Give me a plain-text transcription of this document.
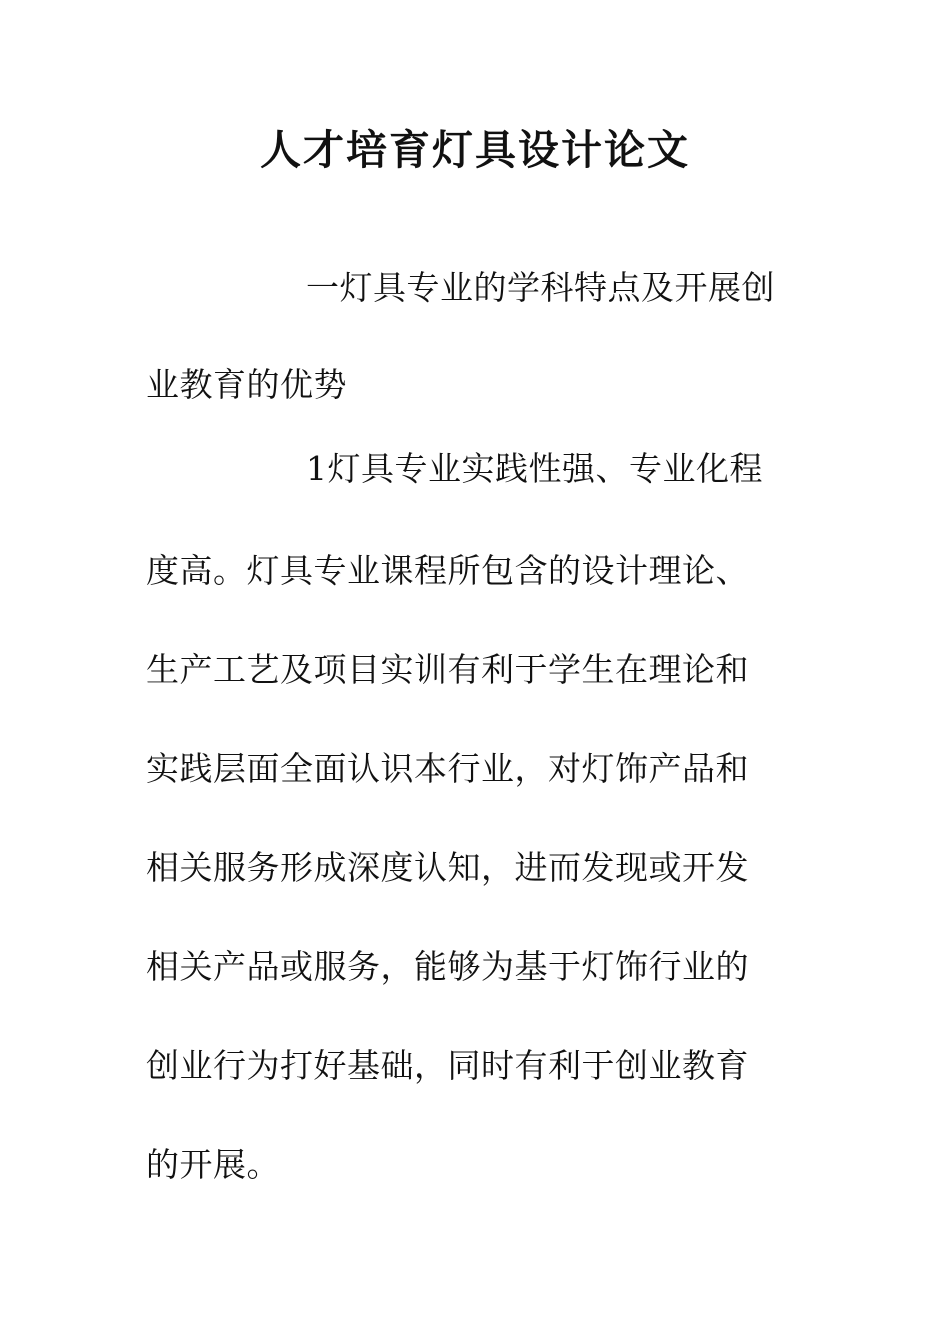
人才培育灯具设计论文

一灯具专业的学科特点及开展创

业教育的优势

1灯具专业实践性强、专业化程

度高。灯具专业课程所包含的设计理论、

生产工艺及项目实训有利于学生在理论和

实践层面全面认识本行业，对灯饰产品和

相关服务形成深度认知，进而发现或开发

相关产品或服务，能够为基于灯饰行业的

创业行为打好基础，同时有利于创业教育

的开展。
